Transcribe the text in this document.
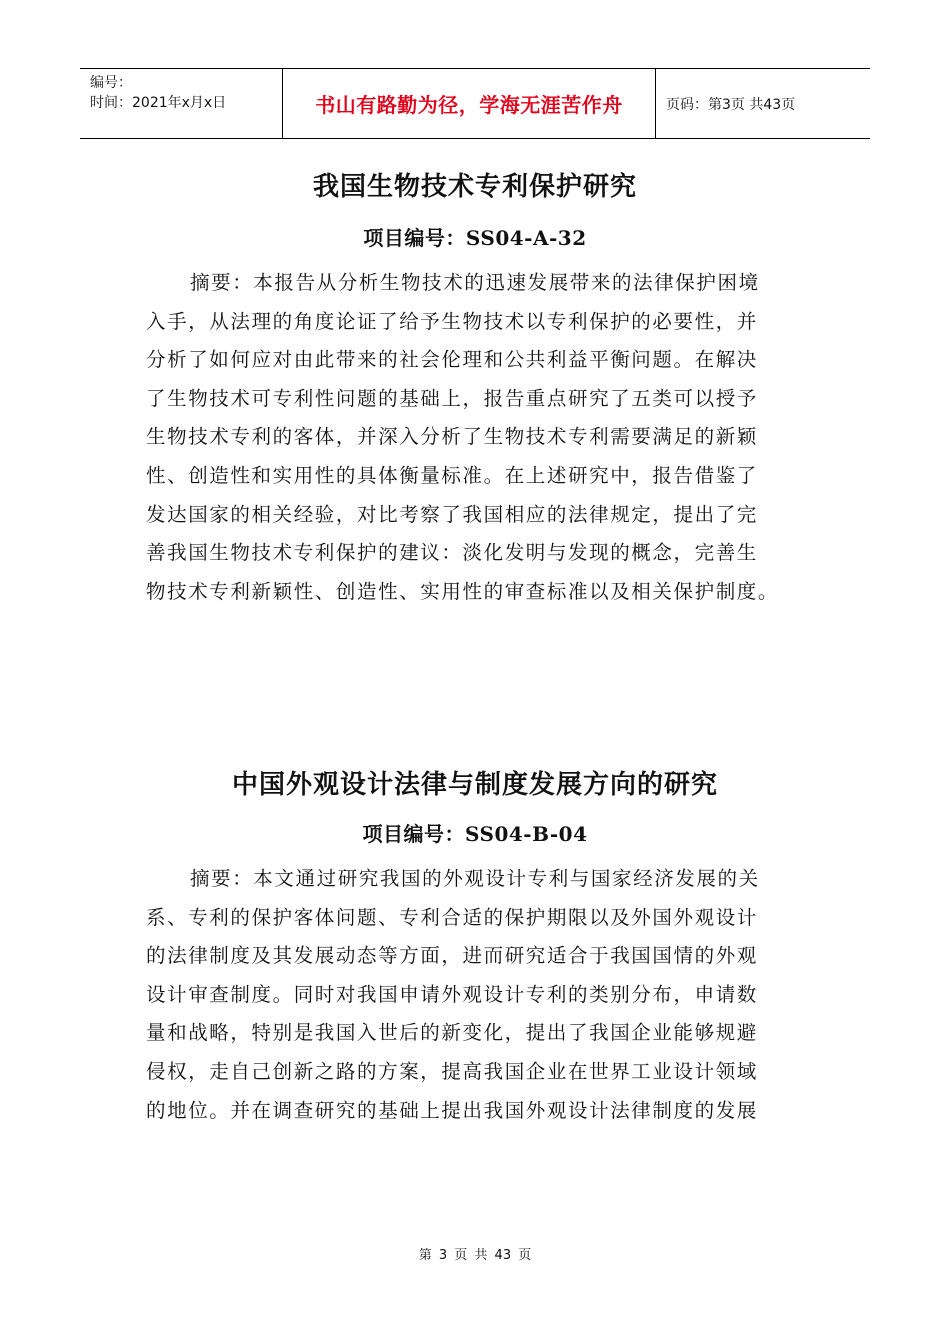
编号：
时间：2021年x月x日	书山有路勤为径，学海无涯苦作舟	页码：第3页 共43页
我国生物技术专利保护研究
项目编号：SS04-A-32
摘要：本报告从分析生物技术的迅速发展带来的法律保护困境
入手，从法理的角度论证了给予生物技术以专利保护的必要性，并
分析了如何应对由此带来的社会伦理和公共利益平衡问题。在解决
了生物技术可专利性问题的基础上，报告重点研究了五类可以授予
生物技术专利的客体，并深入分析了生物技术专利需要满足的新颖
性、创造性和实用性的具体衡量标准。在上述研究中，报告借鉴了
发达国家的相关经验，对比考察了我国相应的法律规定，提出了完
善我国生物技术专利保护的建议：淡化发明与发现的概念，完善生
物技术专利新颖性、创造性、实用性的审查标准以及相关保护制度。
中国外观设计法律与制度发展方向的研究
项目编号：SS04-B-04
摘要：本文通过研究我国的外观设计专利与国家经济发展的关
系、专利的保护客体问题、专利合适的保护期限以及外国外观设计
的法律制度及其发展动态等方面，进而研究适合于我国国情的外观
设计审查制度。同时对我国申请外观设计专利的类别分布，申请数
量和战略，特别是我国入世后的新变化，提出了我国企业能够规避
侵权，走自己创新之路的方案，提高我国企业在世界工业设计领域
的地位。并在调查研究的基础上提出我国外观设计法律制度的发展
第 3 页 共 43 页
